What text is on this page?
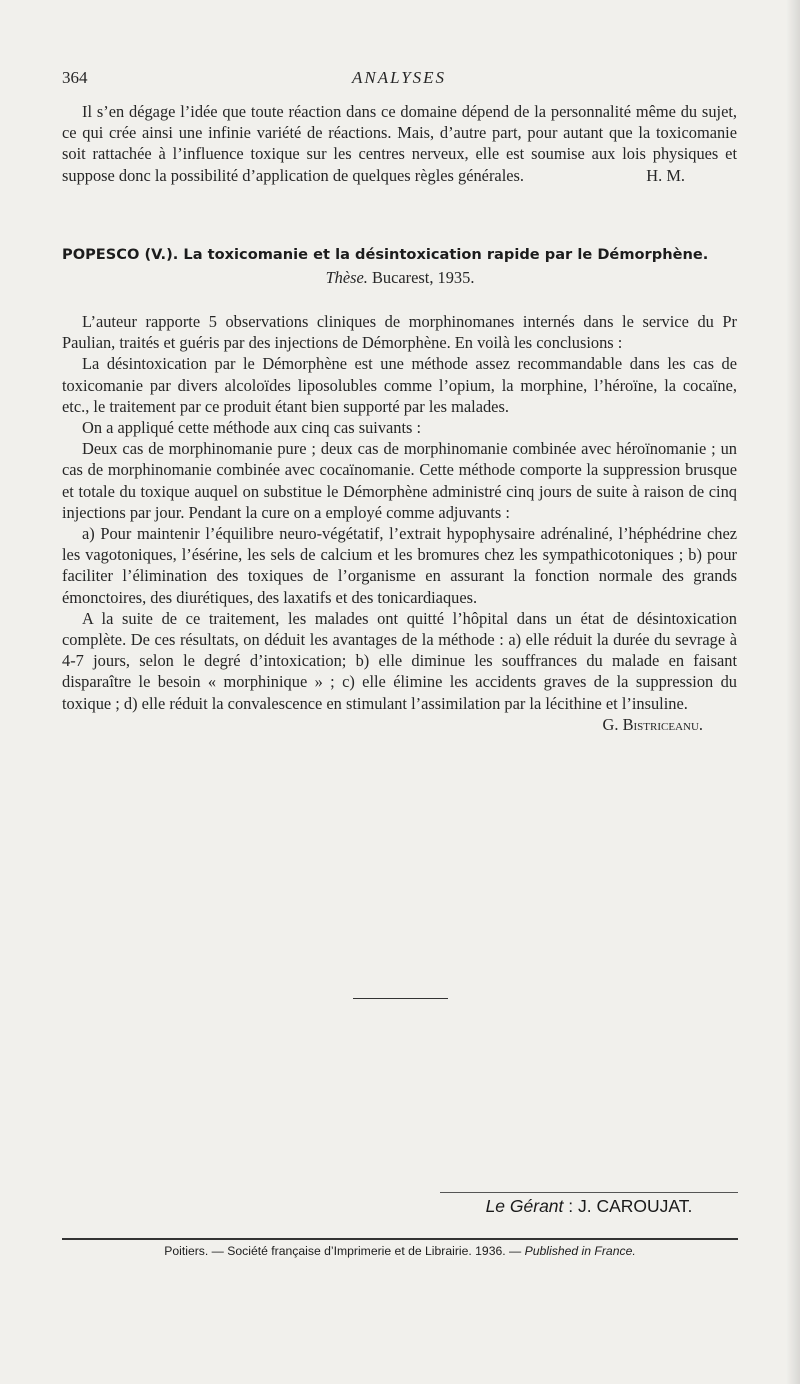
364	ANALYSES

Il s’en dégage l’idée que toute réaction dans ce domaine dépend de la personnalité même du sujet, ce qui crée ainsi une infinie variété de réactions. Mais, d’autre part, pour autant que la toxicomanie soit rattachée à l’influence toxique sur les centres nerveux, elle est soumise aux lois physiques et suppose donc la possibilité d’application de quelques règles générales.	H. M.

POPESCO (V.). La toxicomanie et la désintoxication rapide par le Démorphène.
Thèse. Bucarest, 1935.

L’auteur rapporte 5 observations cliniques de morphinomanes internés dans le service du Pr Paulian, traités et guéris par des injections de Démorphène. En voilà les conclusions :

La désintoxication par le Démorphène est une méthode assez recommandable dans les cas de toxicomanie par divers alcoloïdes liposolubles comme l’opium, la morphine, l’héroïne, la cocaïne, etc., le traitement par ce produit étant bien supporté par les malades.

On a appliqué cette méthode aux cinq cas suivants :

Deux cas de morphinomanie pure ; deux cas de morphinomanie combinée avec héroïnomanie ; un cas de morphinomanie combinée avec cocaïnomanie. Cette méthode comporte la suppression brusque et totale du toxique auquel on substitue le Démorphène administré cinq jours de suite à raison de cinq injections par jour. Pendant la cure on a employé comme adjuvants :

a) Pour maintenir l’équilibre neuro-végétatif, l’extrait hypophysaire adrénaliné, l’héphédrine chez les vagotoniques, l’ésérine, les sels de calcium et les bromures chez les sympathicotoniques ; b) pour faciliter l’élimination des toxiques de l’organisme en assurant la fonction normale des grands émonctoires, des diurétiques, des laxatifs et des tonicardiaques.

A la suite de ce traitement, les malades ont quitté l’hôpital dans un état de désintoxication complète. De ces résultats, on déduit les avantages de la méthode : a) elle réduit la durée du sevrage à 4-7 jours, selon le degré d’intoxication; b) elle diminue les souffrances du malade en faisant disparaître le besoin « morphinique » ; c) elle élimine les accidents graves de la suppression du toxique ; d) elle réduit la convalescence en stimulant l’assimilation par la lécithine et l’insuline.
G. Bistriceanu.

Le Gérant : J. CAROUJAT.
Poitiers. — Société française d’Imprimerie et de Librairie. 1936. — Published in France.
